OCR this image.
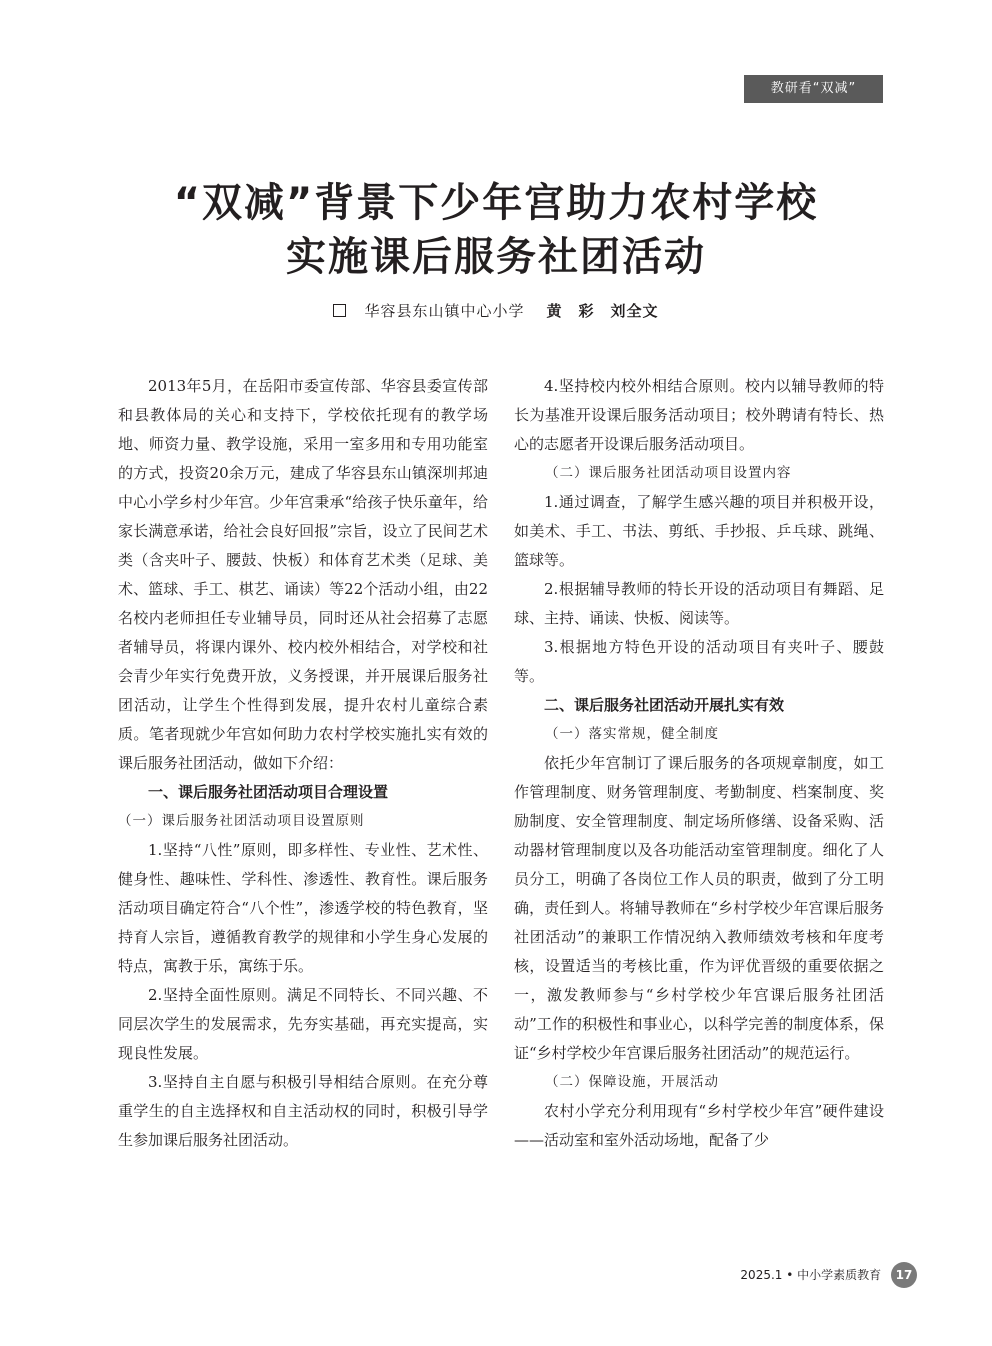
教研看“双减”
“双减”背景下少年宫助力农村学校
实施课后服务社团活动
华容县东山镇中心小学 黄　彩　刘全文

2013年5月，在岳阳市委宣传部、华容县委宣传部和县教体局的关心和支持下，学校依托现有的教学场地、师资力量、教学设施，采用一室多用和专用功能室的方式，投资20余万元，建成了华容县东山镇深圳邦迪中心小学乡村少年宫。少年宫秉承“给孩子快乐童年，给家长满意承诺，给社会良好回报”宗旨，设立了民间艺术类（含夹叶子、腰鼓、快板）和体育艺术类（足球、美术、篮球、手工、棋艺、诵读）等22个活动小组，由22名校内老师担任专业辅导员，同时还从社会招募了志愿者辅导员，将课内课外、校内校外相结合，对学校和社会青少年实行免费开放，义务授课，并开展课后服务社团活动，让学生个性得到发展，提升农村儿童综合素质。笔者现就少年宫如何助力农村学校实施扎实有效的课后服务社团活动，做如下介绍：

一、课后服务社团活动项目合理设置

（一）课后服务社团活动项目设置原则

1.坚持“八性”原则，即多样性、专业性、艺术性、健身性、趣味性、学科性、渗透性、教育性。课后服务活动项目确定符合“八个性”，渗透学校的特色教育，坚持育人宗旨，遵循教育教学的规律和小学生身心发展的特点，寓教于乐，寓练于乐。

2.坚持全面性原则。满足不同特长、不同兴趣、不同层次学生的发展需求，先夯实基础，再充实提高，实现良性发展。

3.坚持自主自愿与积极引导相结合原则。在充分尊重学生的自主选择权和自主活动权的同时，积极引导学生参加课后服务社团活动。

4.坚持校内校外相结合原则。校内以辅导教师的特长为基准开设课后服务活动项目；校外聘请有特长、热心的志愿者开设课后服务活动项目。

（二）课后服务社团活动项目设置内容

1.通过调查，了解学生感兴趣的项目并积极开设，如美术、手工、书法、剪纸、手抄报、乒乓球、跳绳、篮球等。

2.根据辅导教师的特长开设的活动项目有舞蹈、足球、主持、诵读、快板、阅读等。

3.根据地方特色开设的活动项目有夹叶子、腰鼓等。

二、课后服务社团活动开展扎实有效

（一）落实常规，健全制度

依托少年宫制订了课后服务的各项规章制度，如工作管理制度、财务管理制度、考勤制度、档案制度、奖励制度、安全管理制度、制定场所修缮、设备采购、活动器材管理制度以及各功能活动室管理制度。细化了人员分工，明确了各岗位工作人员的职责，做到了分工明确，责任到人。将辅导教师在“乡村学校少年宫课后服务社团活动”的兼职工作情况纳入教师绩效考核和年度考核，设置适当的考核比重，作为评优晋级的重要依据之一，激发教师参与“乡村学校少年宫课后服务社团活动”工作的积极性和事业心，以科学完善的制度体系，保证“乡村学校少年宫课后服务社团活动”的规范运行。

（二）保障设施，开展活动

农村小学充分利用现有“乡村学校少年宫”硬件建设——活动室和室外活动场地，配备了少

2025.1 • 中小学素质教育 17
